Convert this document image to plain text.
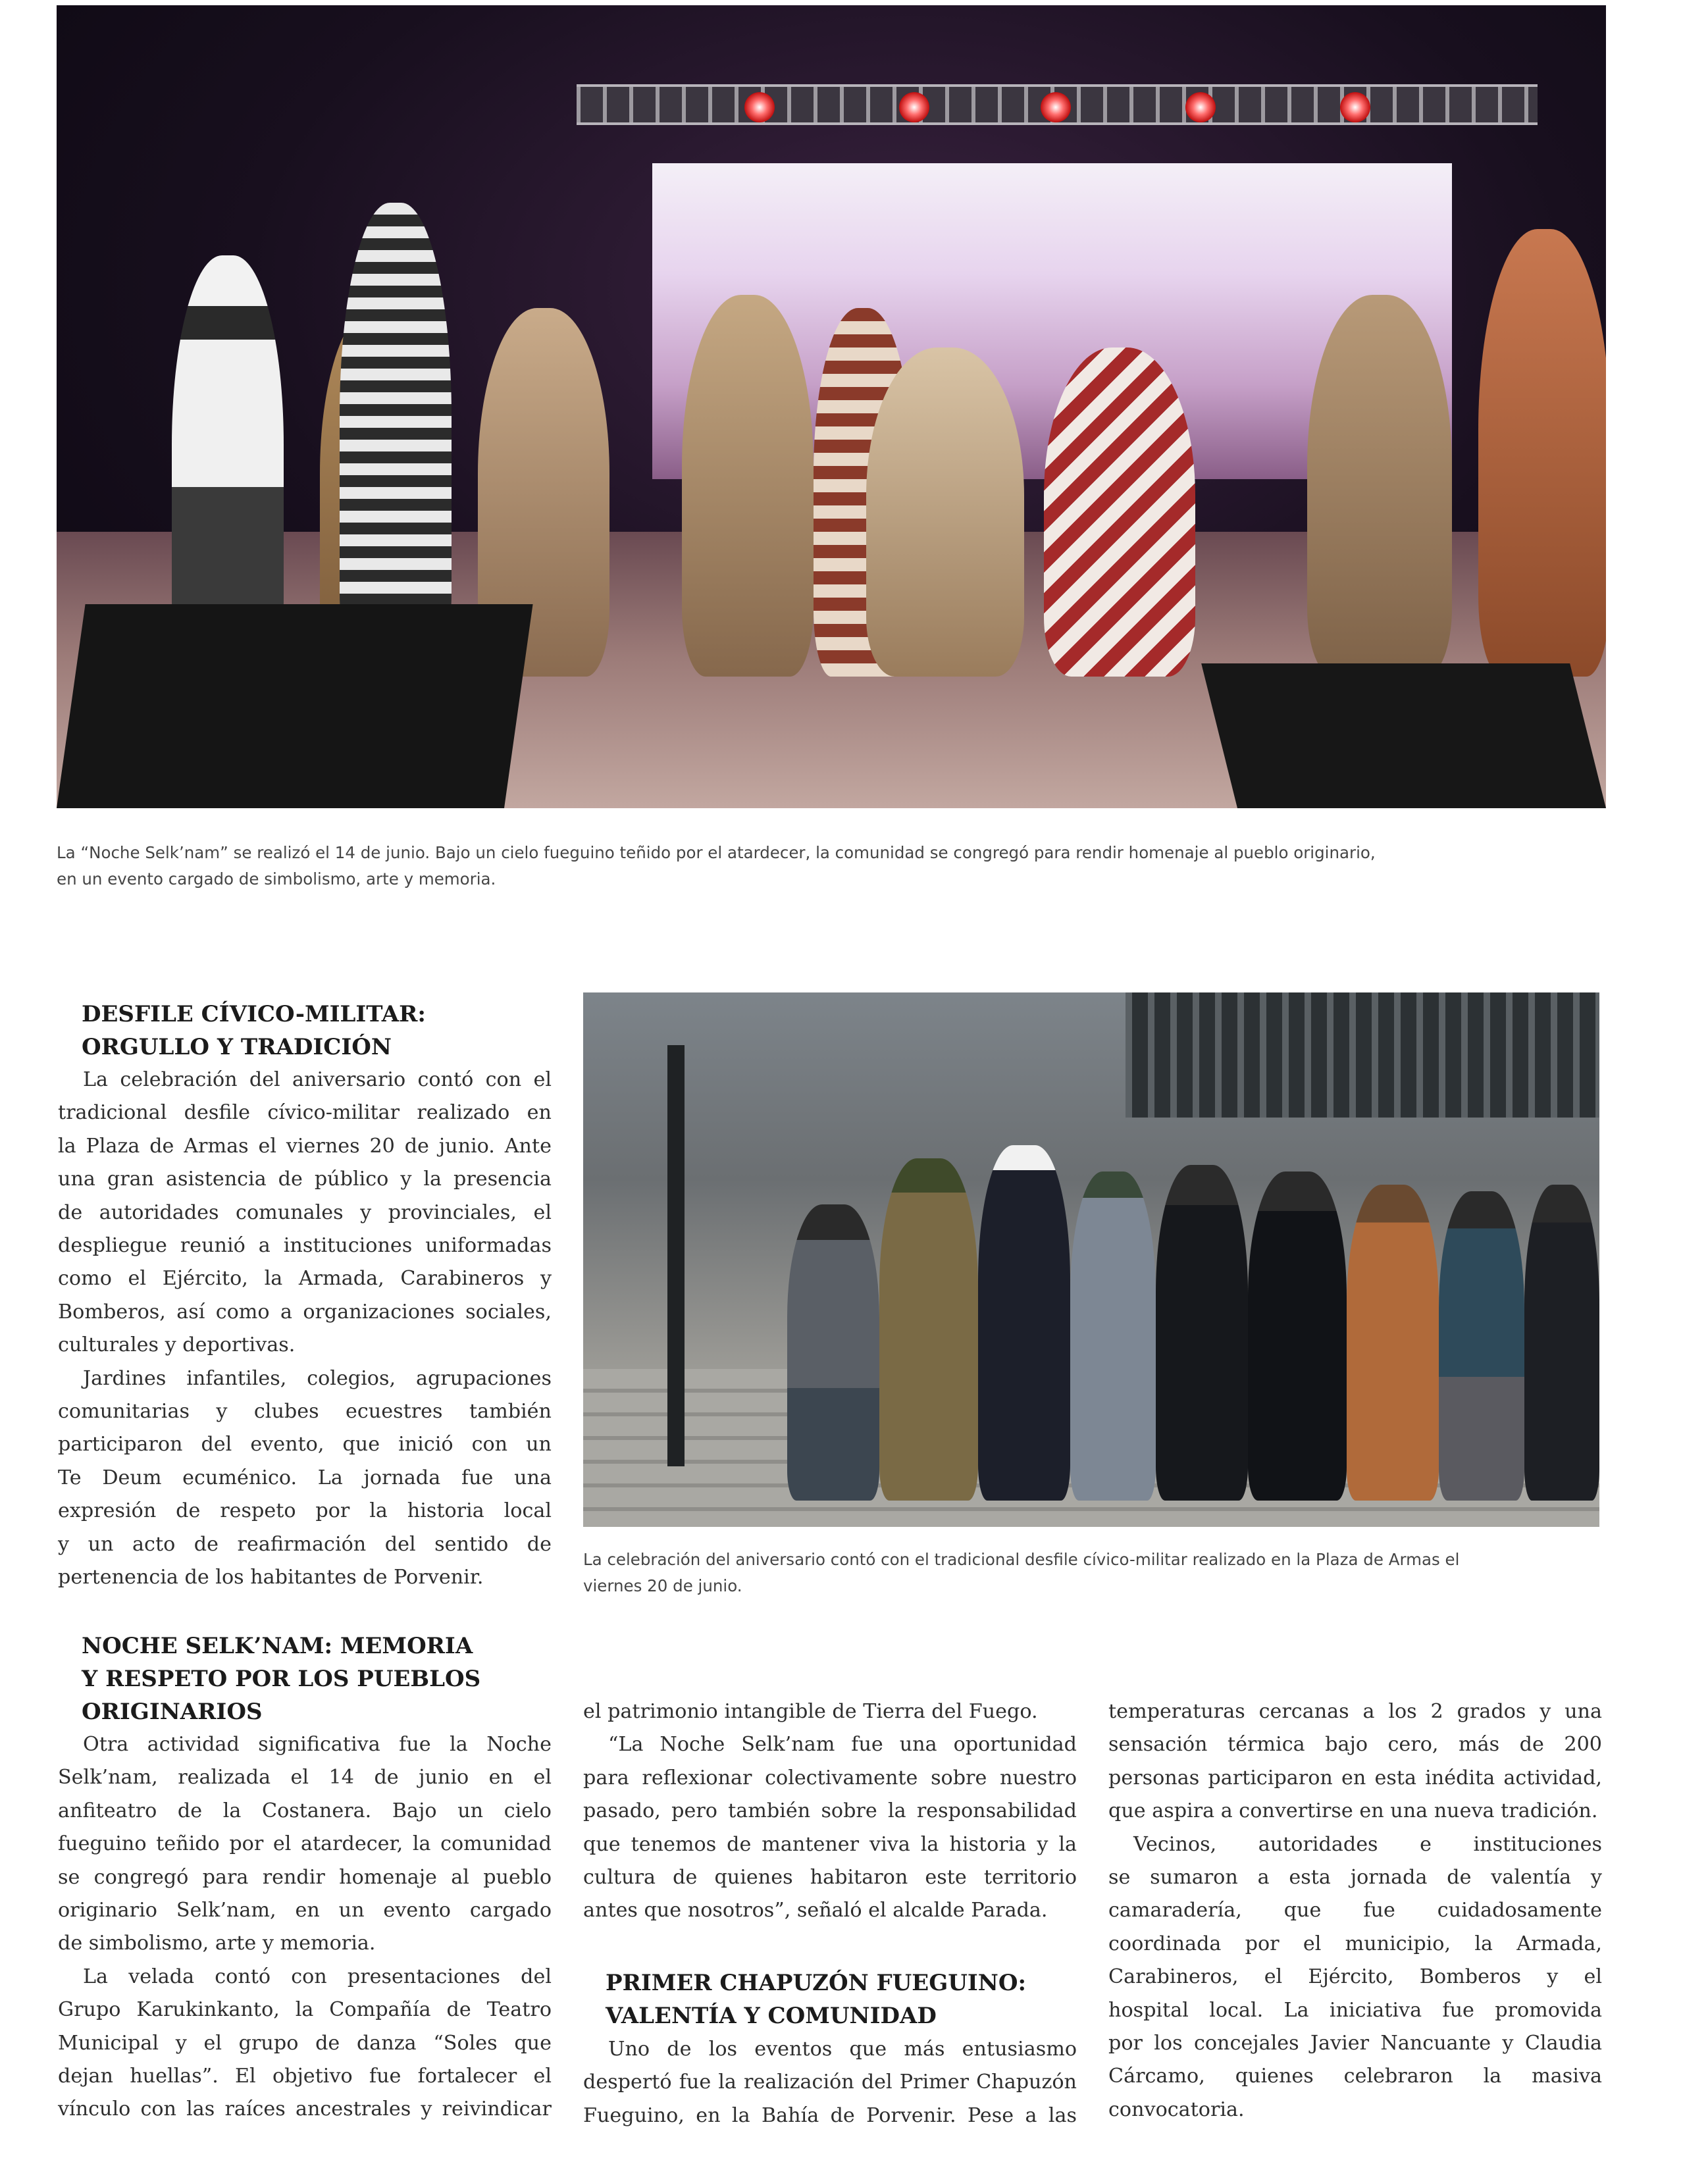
La “Noche Selk’nam” se realizó el 14 de junio. Bajo un cielo fueguino teñido por el atardecer, la comunidad se congregó para rendir homenaje al pueblo originario,
en un evento cargado de simbolismo, arte y memoria.

DESFILE CÍVICO-MILITAR:
ORGULLO Y TRADICIÓN

La celebración del aniversario contó con el
tradicional desfile cívico-militar realizado en
la Plaza de Armas el viernes 20 de junio. Ante
una gran asistencia de público y la presencia
de autoridades comunales y provinciales, el
despliegue reunió a instituciones uniformadas
como el Ejército, la Armada, Carabineros y
Bomberos, así como a organizaciones sociales,
culturales y deportivas.
Jardines infantiles, colegios, agrupaciones
comunitarias y clubes ecuestres también
participaron del evento, que inició con un
Te Deum ecuménico. La jornada fue una
expresión de respeto por la historia local
y un acto de reafirmación del sentido de
pertenencia de los habitantes de Porvenir.

La celebración del aniversario contó con el tradicional desfile cívico-militar realizado en la Plaza de Armas el
viernes 20 de junio.

NOCHE SELK’NAM: MEMORIA
Y RESPETO POR LOS PUEBLOS
ORIGINARIOS

Otra actividad significativa fue la Noche
Selk’nam, realizada el 14 de junio en el
anfiteatro de la Costanera. Bajo un cielo
fueguino teñido por el atardecer, la comunidad
se congregó para rendir homenaje al pueblo
originario Selk’nam, en un evento cargado
de simbolismo, arte y memoria.
La velada contó con presentaciones del
Grupo Karukinkanto, la Compañía de Teatro
Municipal y el grupo de danza “Soles que
dejan huellas”. El objetivo fue fortalecer el
vínculo con las raíces ancestrales y reivindicar

el patrimonio intangible de Tierra del Fuego.
“La Noche Selk’nam fue una oportunidad
para reflexionar colectivamente sobre nuestro
pasado, pero también sobre la responsabilidad
que tenemos de mantener viva la historia y la
cultura de quienes habitaron este territorio
antes que nosotros”, señaló el alcalde Parada.

PRIMER CHAPUZÓN FUEGUINO:
VALENTÍA Y COMUNIDAD

Uno de los eventos que más entusiasmo
despertó fue la realización del Primer Chapuzón
Fueguino, en la Bahía de Porvenir. Pese a las

temperaturas cercanas a los 2 grados y una
sensación térmica bajo cero, más de 200
personas participaron en esta inédita actividad,
que aspira a convertirse en una nueva tradición.
Vecinos, autoridades e instituciones
se sumaron a esta jornada de valentía y
camaradería, que fue cuidadosamente
coordinada por el municipio, la Armada,
Carabineros, el Ejército, Bomberos y el
hospital local. La iniciativa fue promovida
por los concejales Javier Nancuante y Claudia
Cárcamo, quienes celebraron la masiva
convocatoria.
